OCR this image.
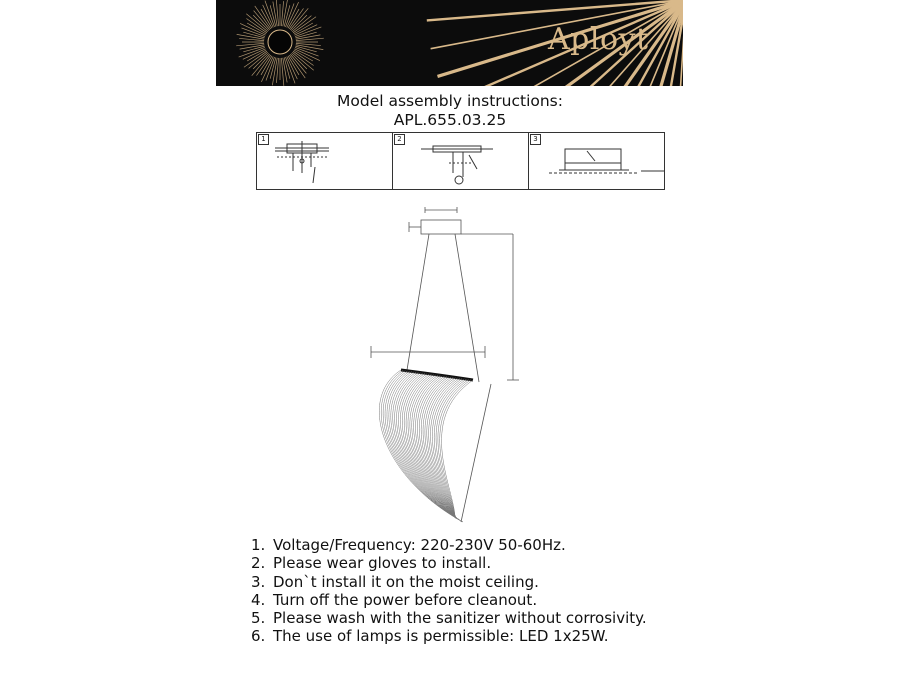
Aployt
Model assembly instructions:
APL.655.03.25
1	2	3
1. Voltage/Frequency: 220-230V 50-60Hz.
2. Please wear gloves to install.
3. Don`t install it on the moist ceiling.
4. Turn off the power before cleanout.
5. Please wash with the sanitizer without corrosivity.
6. The use of lamps is permissible: LED 1x25W.
